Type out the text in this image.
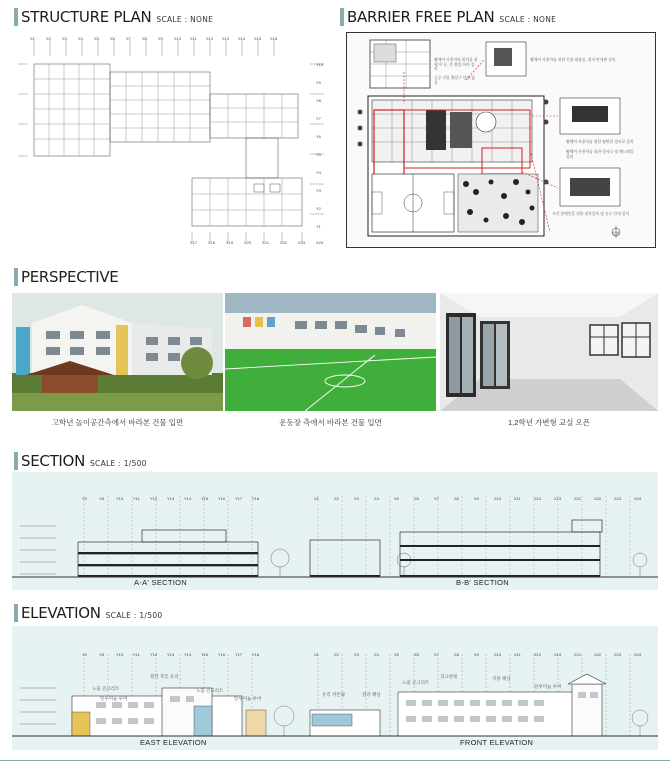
STRUCTURE PLAN SCALE : NONE
X1	X2	X3	X4	X5	X6	X7	X8	X9	X10 X11 X12 X13 X14 X15 X16
X17	X18	X19	X20	X21	X22	X23	X24
Y10
Y9
Y8
Y7
Y6
Y5
Y4
Y3
Y2
Y1
BARRIER FREE PLAN SCALE : NONE
휠체어 사용자의 편의를 위해 이 동, 각 출입 아이 설치
휠체어 사용자를 위한 전용 화장실, 점자 안내판 설치
휠체어 사용자를 위한 평탄한 경사로 설치
시각 장애인을 위한 점자블록 및 유도 안내 설치
휠체어 사용자를 위한 경사로 및 핸드레일 설치
공공 건물 출입구 단차 없음
범례
PERSPECTIVE
고학년 놀이공간측에서 바라본 건물 입면	운동장 측에서 바라본 건물 입면	1,2학년 가변형 교실 오픈
SECTION SCALE : 1/500
Y9	Y8	Y10 Y11	Y12 Y13 Y14 Y15 Y16 Y17 Y18	X1	X2	X3	X4	X5	X6	X7	X8	X9	X10	X11	X12	X13	X21	X22	X23	X24
A-A' SECTION	B-B' SECTION
ELEVATION SCALE : 1/500
Y9	Y8	Y10 Y11	Y12 Y13 Y14 Y15 Y16 Y17 Y18	X1	X2	X3	X4	X5	X6	X7	X8	X9	X10	X11	X12	X13	X21	X22	X23	X24
노출 콘크리트
알루미늄 루버
컬러 복층 유리
노출 콘크리트
알루미늄 루버
유리 커튼월	컬러 패널
노출 콘크리트
징크판넬	지붕 패널
알루미늄 루버
EAST ELEVATION	FRONT ELEVATION
